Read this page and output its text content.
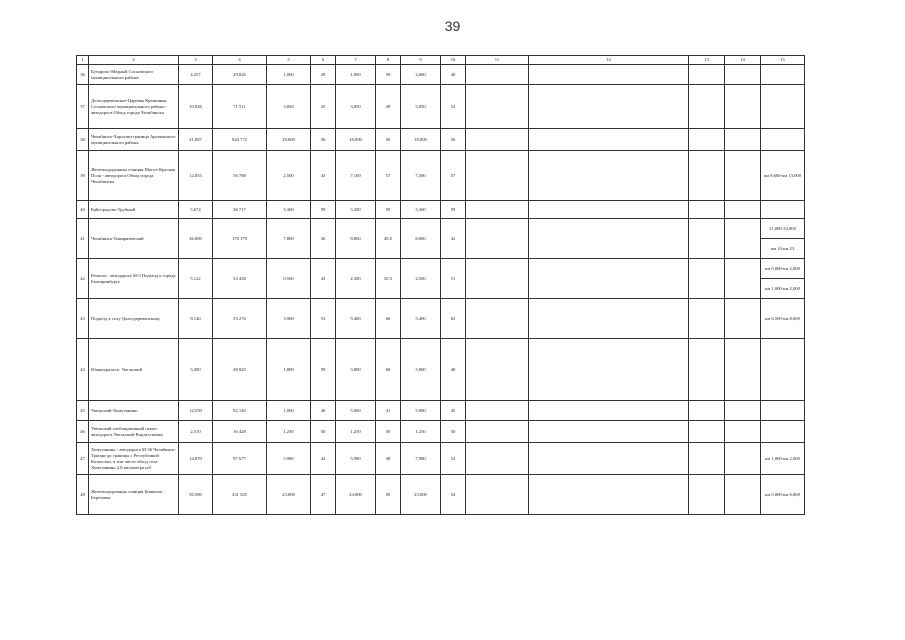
39
1	2	3	4	5	6	7	8	9	10	11	12	13	14	15
36	Бутырско-Медный Сосновского муниципального района	4,257	29,826	1,000	28	1,000	59	2,000	40					
37	Долгодеревенское-Царевка Кременная Сосновского муниципального района - автодорога Обход города Челябинска	10,926	71 511	3,850	35	3,850	49	5,850	53					
38	Челябинск-Харлуши-граница Аргаяшского муниципального района	31,887	944 772	18,000	56	18,000	56	18,000	56					
39	Железнодорожная станция Шагол-Красная Поля - автодорога Обход города Челябинска	12,053	56 788	2,500	43	7,100	57	7,300	57					км 8,600-км 13,000
40	Кайгородово-Трубный	5,674	36 717	3,300	59	3,300	59	3,360	59					
41	Челябинск-Тимирязевский	36,000	170 179	7,800	36	8,800	40,5	8,800	42					21,000-23,000
														км 14-км 23
42	Решоты - автодорога М-5 Подъезд к городу Екатеринбургу	5,122	33 438	0,500	43	2,300	50,5	2,500	51					км 0,000-км 2,000
														км 1,000-км 2,000
43	Подъезд к селу Долгодеревенскому	8,140	53 276	3,900	53	5,400	66	5,400	65					км 6,500-км 8,000
44	Южноуральск- Увельский	5,580	48 825	1,800	59	3,800	68	3,800	48					
45	Увельский-Хомутинино	12,550	82 140	1,000	40	5,000	41	5,000	45					
46	Увельский хлебоприемный пункт-автодорога Увельский-Рождественка	2,510	16 428	1,250	50	1,250	50	1,250	50					
47	Хомутинино - автодорога М-36 Челябинск-Троицк-до границы с Республикой Казахстан, в том числе обход села Хомутинино 2,0 километра н/б	14,870	97 677	5,980	42	5,980	48	7,980	53					км 1,000-км 2,000
48	Железнодорожная станция Бишкиль-Березовка	50,580	331 525	23,000	47	23,000	50	23,000	54					км 0,000-км 6,800
